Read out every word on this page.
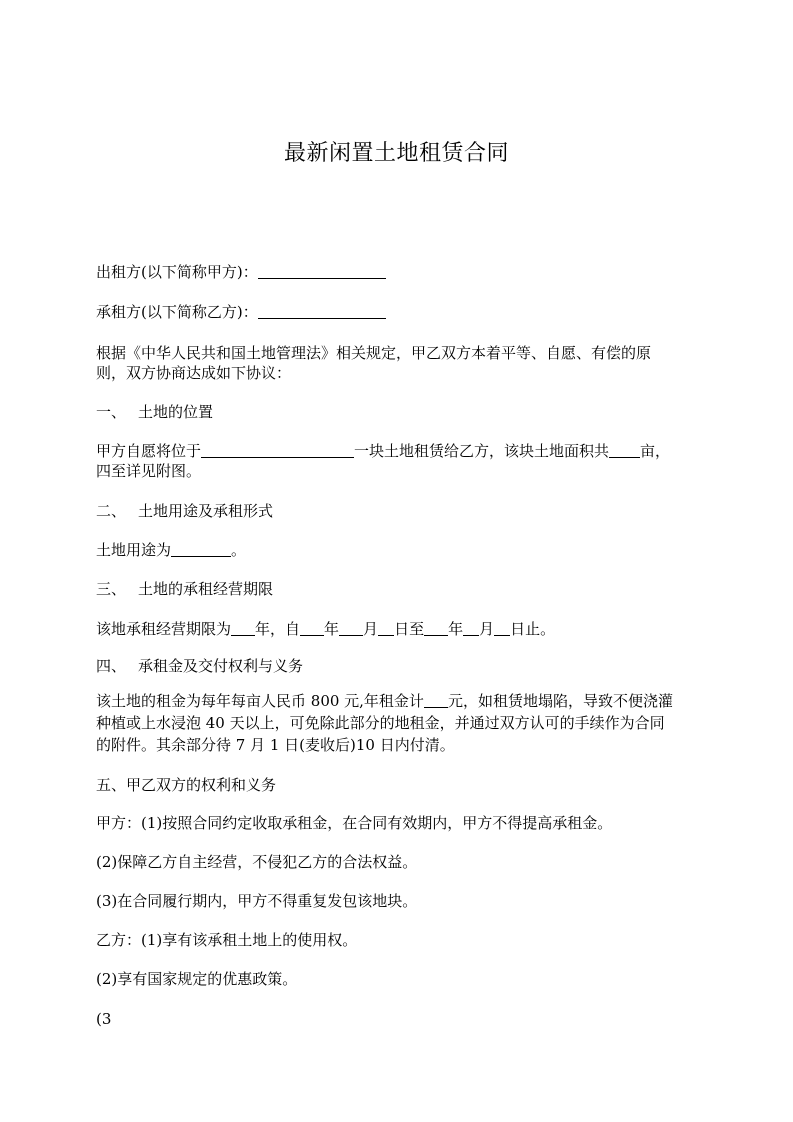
最新闲置土地租赁合同
出租方(以下简称甲方)：
承租方(以下简称乙方)：
根据《中华人民共和国土地管理法》相关规定，甲乙双方本着平等、自愿、有偿的原
则，双方协商达成如下协议：
一、 土地的位置
甲方自愿将位于	一块土地租赁给乙方，该块土地面积共 亩，
四至详见附图。
二、 土地用途及承租形式
土地用途为	。
三、 土地的承租经营期限
该地承租经营期限为 年，自 年 月 日至 年 月 日止。
四、 承租金及交付权利与义务
该土地的租金为每年每亩人民币 800 元,年租金计 元，如租赁地塌陷，导致不便浇灌
种植或上水浸泡 40 天以上，可免除此部分的地租金，并通过双方认可的手续作为合同
的附件。其余部分待 7 月 1 日(麦收后)10 日内付清。
五、甲乙双方的权利和义务
甲方：(1)按照合同约定收取承租金，在合同有效期内，甲方不得提高承租金。
(2)保障乙方自主经营，不侵犯乙方的合法权益。
(3)在合同履行期内，甲方不得重复发包该地块。
乙方：(1)享有该承租土地上的使用权。
(2)享有国家规定的优惠政策。
(3
